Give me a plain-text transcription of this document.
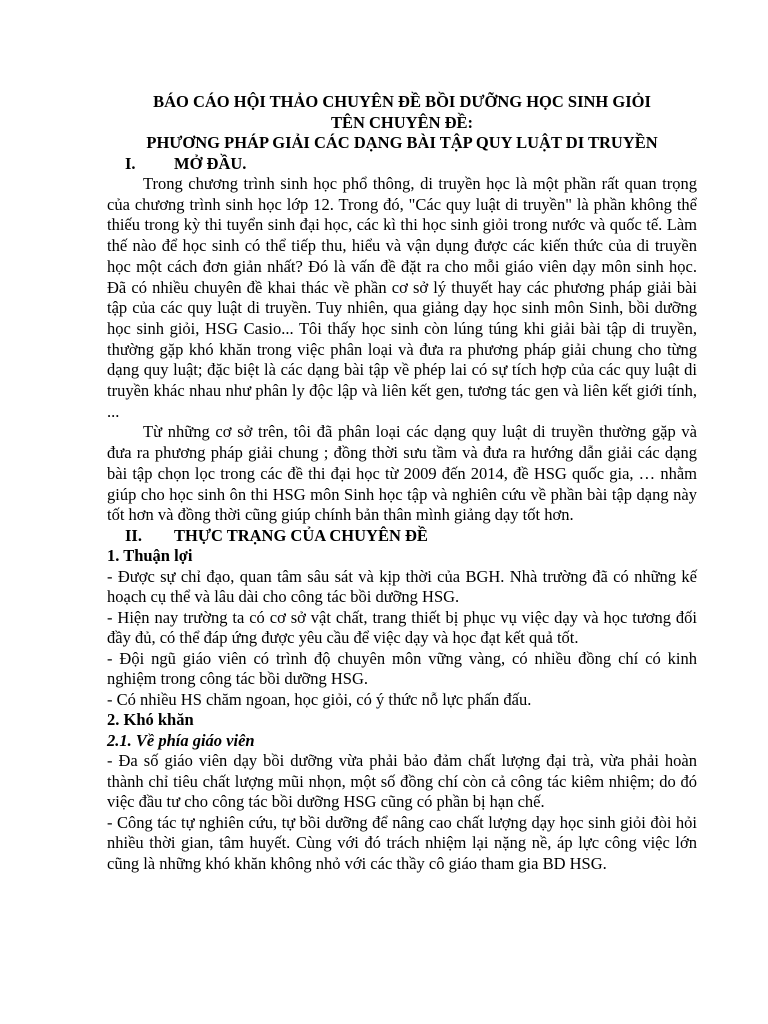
BÁO CÁO HỘI THẢO CHUYÊN ĐỀ BỒI DƯỠNG HỌC SINH GIỎI

TÊN CHUYÊN ĐỀ:

PHƯƠNG PHÁP GIẢI CÁC DẠNG BÀI TẬP QUY LUẬT DI TRUYỀN

I.	MỞ ĐẦU.

Trong chương trình sinh học phổ thông, di truyền học là một phần rất quan trọng của chương trình sinh học lớp 12. Trong đó, "Các quy luật di truyền" là phần không thể thiếu trong kỳ thi tuyển sinh đại học, các kì thi học sinh giỏi trong nước và quốc tế. Làm thế nào để học sinh có thể tiếp thu, hiểu và vận dụng được các kiến thức của di truyền học một cách đơn giản nhất? Đó là vấn đề đặt ra cho mỗi giáo viên dạy môn sinh học. Đã có nhiều chuyên đề khai thác về phần cơ sở lý thuyết hay các phương pháp giải bài tập của các quy luật di truyền. Tuy nhiên, qua giảng dạy học sinh môn Sinh, bồi dưỡng học sinh giỏi, HSG Casio... Tôi thấy học sinh còn lúng túng khi giải bài tập di truyền, thường gặp khó khăn trong việc phân loại và đưa ra phương pháp giải chung cho từng dạng quy luật; đặc biệt là các dạng bài tập về phép lai có sự tích hợp của các quy luật di truyền khác nhau như phân ly độc lập và liên kết gen, tương tác gen và liên kết giới tính, ...

Từ những cơ sở trên, tôi đã phân loại các dạng quy luật di truyền thường gặp và đưa ra phương pháp giải chung ; đồng thời sưu tầm và đưa ra hướng dẫn giải các dạng bài tập chọn lọc trong các đề thi đại học từ 2009 đến 2014, đề HSG quốc gia, … nhằm giúp cho học sinh ôn thi HSG môn Sinh học tập và nghiên cứu về phần bài tập dạng này tốt hơn và đồng thời cũng giúp chính bản thân mình giảng dạy tốt hơn.

II.	THỰC TRẠNG CỦA CHUYÊN ĐỀ

1. Thuận lợi

- Được sự chỉ đạo, quan tâm sâu sát và kịp thời của BGH. Nhà trường đã có những kế hoạch cụ thể và lâu dài cho công tác bồi dưỡng HSG.

- Hiện nay trường ta có cơ sở vật chất, trang thiết bị phục vụ việc dạy và học tương đối đầy đủ, có thể đáp ứng được yêu cầu để việc dạy và học đạt kết quả tốt.

- Đội ngũ giáo viên có trình độ chuyên môn vững vàng, có nhiều đồng chí có kinh nghiệm trong công tác bồi dưỡng HSG.

- Có nhiều HS chăm ngoan, học giỏi, có ý thức nỗ lực phấn đấu.

2. Khó khăn

2.1. Về phía giáo viên

- Đa số giáo viên dạy bồi dưỡng vừa phải bảo đảm chất lượng đại trà, vừa phải hoàn thành chỉ tiêu chất lượng mũi nhọn, một số đồng chí còn cả công tác kiêm nhiệm; do đó việc đầu tư cho công tác bồi dưỡng HSG cũng có phần bị hạn chế.

- Công tác tự nghiên cứu, tự bồi dưỡng để nâng cao chất lượng dạy học sinh giỏi đòi hỏi nhiều thời gian, tâm huyết. Cùng với đó trách nhiệm lại nặng nề, áp lực công việc lớn cũng là những khó khăn không nhỏ với các thầy cô giáo tham gia BD HSG.
